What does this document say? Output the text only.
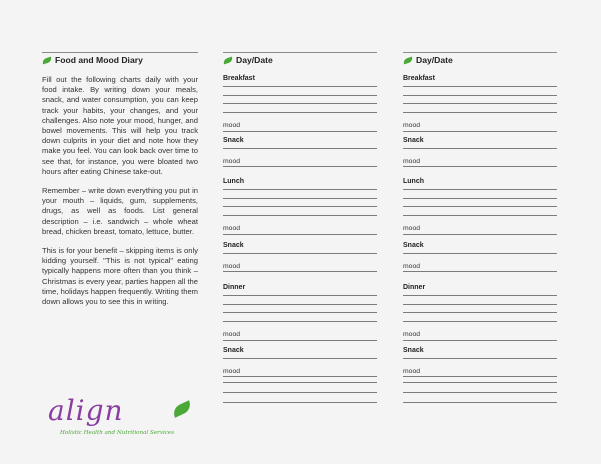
Food and Mood Diary

Fill out the following charts daily with your food intake. By writing down your meals, snack, and water consumption, you can keep track your habits, your changes, and your challenges. Also note your mood, hunger, and bowel movements. This will help you track down culprits in your diet and note how they make you feel. You can look back over time to see that, for instance, you were bloated two hours after eating Chinese take-out.

Remember – write down everything you put in your mouth – liquids, gum, supplements, drugs, as well as foods. List general description – i.e. sandwich – whole wheat bread, chicken breast, tomato, lettuce, butter.

This is for your benefit – skipping items is only kidding yourself. "This is not typical" eating typically happens more often than you think – Christmas is every year, parties happen all the time, holidays happen frequently. Writing them down allows you to see this in writing.

align
Holistic Health and Nutritional Services
Day/Date
Breakfast
mood
Snack
mood
Lunch
mood
Snack
mood
Dinner
mood
Snack
mood
Day/Date
Breakfast
mood
Snack
mood
Lunch
mood
Snack
mood
Dinner
mood
Snack
mood
